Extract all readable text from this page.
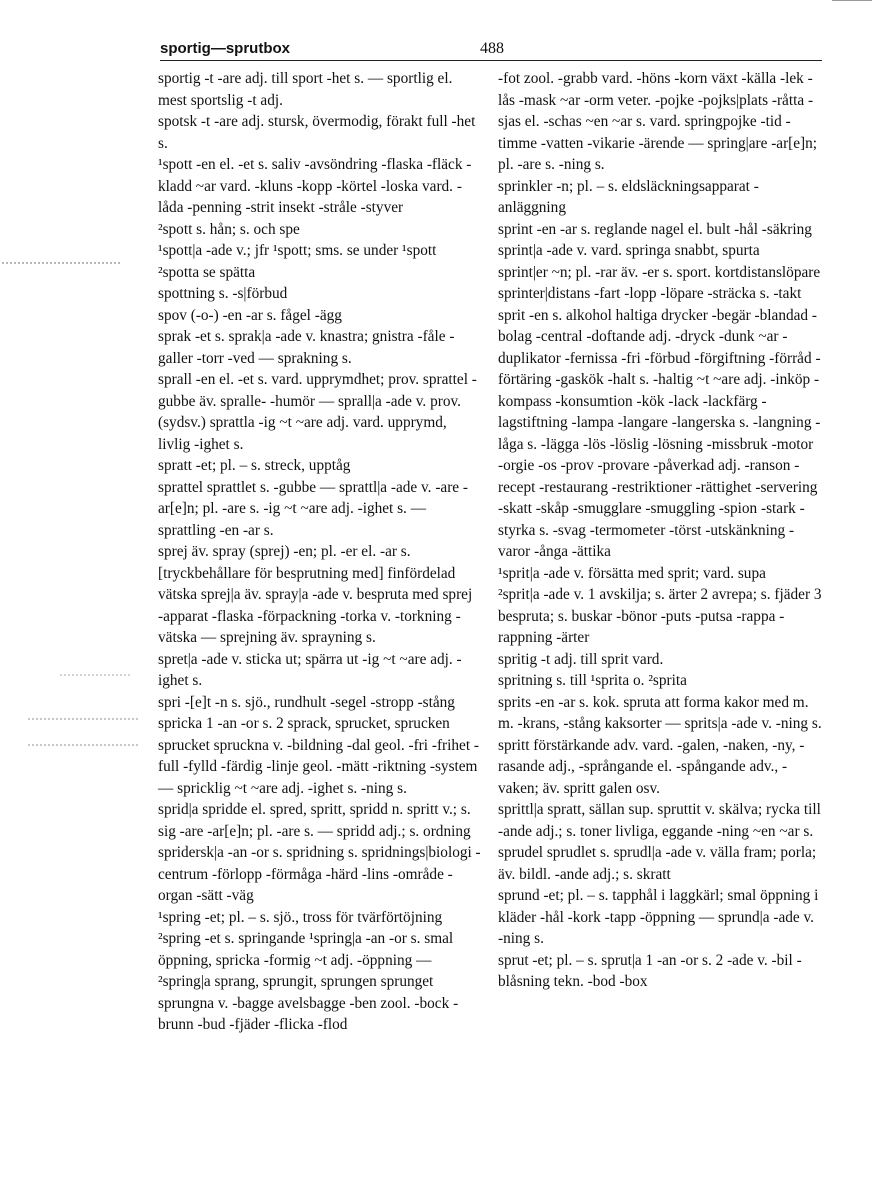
sportig—sprutbox	488

sportig -t -are adj. till sport -het s. — sportlig el. mest sportslig -t adj.

spotsk -t -are adj. stursk, övermodig, förakt full -het s.

¹spott -en el. -et s. saliv -avsöndring -flaska -fläck -kladd ~ar vard. -kluns -kopp -körtel -loska vard. -låda -penning -strit insekt -stråle -styver

²spott s. hån; s. och spe

¹spott|a -ade v.; jfr ¹spott; sms. se under ¹spott

²spotta se spätta

spottning s. -s|förbud

spov (-o-) -en -ar s. fågel -ägg

sprak -et s. sprak|a -ade v. knastra; gnistra -fåle -galler -torr -ved — sprakning s.

sprall -en el. -et s. vard. upprymdhet; prov. sprattel -gubbe äv. spralle- -humör — sprall|a -ade v. prov. (sydsv.) sprattla -ig ~t ~are adj. vard. upprymd, livlig -ighet s.

spratt -et; pl. – s. streck, upptåg

sprattel sprattlet s. -gubbe — sprattl|a -ade v. -are -ar[e]n; pl. -are s. -ig ~t ~are adj. -ighet s. — sprattling -en -ar s.

sprej äv. spray (sprej) -en; pl. -er el. -ar s. [tryckbehållare för besprutning med] finfördelad vätska sprej|a äv. spray|a -ade v. bespruta med sprej -apparat -flaska -förpackning -torka v. -torkning -vätska — sprejning äv. sprayning s.

spret|a -ade v. sticka ut; spärra ut -ig ~t ~are adj. -ighet s.

spri -[e]t -n s. sjö., rundhult -segel -stropp -stång

spricka 1 -an -or s. 2 sprack, sprucket, sprucken sprucket spruckna v. -bildning -dal geol. -fri -frihet -full -fylld -färdig -linje geol. -mätt -riktning -system — spricklig ~t ~are adj. -ighet s. -ning s.

sprid|a spridde el. spred, spritt, spridd n. spritt v.; s. sig -are -ar[e]n; pl. -are s. — spridd adj.; s. ordning spridersk|a -an -or s. spridning s. spridnings|biologi -centrum -förlopp -förmåga -härd -lins -område -organ -sätt -väg

¹spring -et; pl. – s. sjö., tross för tvärförtöjning

²spring -et s. springande ¹spring|a -an -or s. smal öppning, spricka -formig ~t adj. -öppning — ²spring|a sprang, sprungit, sprungen sprunget sprungna v. -bagge avelsbagge -ben zool. -bock -brunn -bud -fjäder -flicka -flod

-fot zool. -grabb vard. -höns -korn växt -källa -lek -lås -mask ~ar -orm veter. -pojke -pojks|plats -råtta -sjas el. -schas ~en ~ar s. vard. springpojke -tid -timme -vatten -vikarie -ärende — spring|are -ar[e]n; pl. -are s. -ning s.

sprinkler -n; pl. – s. eldsläckningsapparat -anläggning

sprint -en -ar s. reglande nagel el. bult -hål -säkring

sprint|a -ade v. vard. springa snabbt, spurta

sprint|er ~n; pl. -rar äv. -er s. sport. kortdistanslöpare sprinter|distans -fart -lopp -löpare -sträcka s. -takt

sprit -en s. alkohol haltiga drycker -begär -blandad -bolag -central -doftande adj. -dryck -dunk ~ar -duplikator -fernissa -fri -förbud -förgiftning -förråd -förtäring -gaskök -halt s. -haltig ~t ~are adj. -inköp -kompass -konsumtion -kök -lack -lackfärg -lagstiftning -lampa -langare -langerska s. -langning -låga s. -lägga -lös -löslig -lösning -missbruk -motor -orgie -os -prov -provare -påverkad adj. -ranson -recept -restaurang -restriktioner -rättighet -servering -skatt -skåp -smugglare -smuggling -spion -stark -styrka s. -svag -termometer -törst -utskänkning -varor -ånga -ättika

¹sprit|a -ade v. försätta med sprit; vard. supa

²sprit|a -ade v. 1 avskilja; s. ärter 2 avrepa; s. fjäder 3 bespruta; s. buskar -bönor -puts -putsa -rappa -rappning -ärter

spritig -t adj. till sprit vard.

spritning s. till ¹sprita o. ²sprita

sprits -en -ar s. kok. spruta att forma kakor med m. m. -krans, -stång kaksorter — sprits|a -ade v. -ning s.

spritt förstärkande adv. vard. -galen, -naken, -ny, -rasande adj., -språngande el. -spångande adv., -vaken; äv. spritt galen osv.

sprittl|a spratt, sällan sup. spruttit v. skälva; rycka till -ande adj.; s. toner livliga, eggande -ning ~en ~ar s.

sprudel sprudlet s. sprudl|a -ade v. välla fram; porla; äv. bildl. -ande adj.; s. skratt

sprund -et; pl. – s. tapphål i laggkärl; smal öppning i kläder -hål -kork -tapp -öppning — sprund|a -ade v. -ning s.

sprut -et; pl. – s. sprut|a 1 -an -or s. 2 -ade v. -bil -blåsning tekn. -bod -box
